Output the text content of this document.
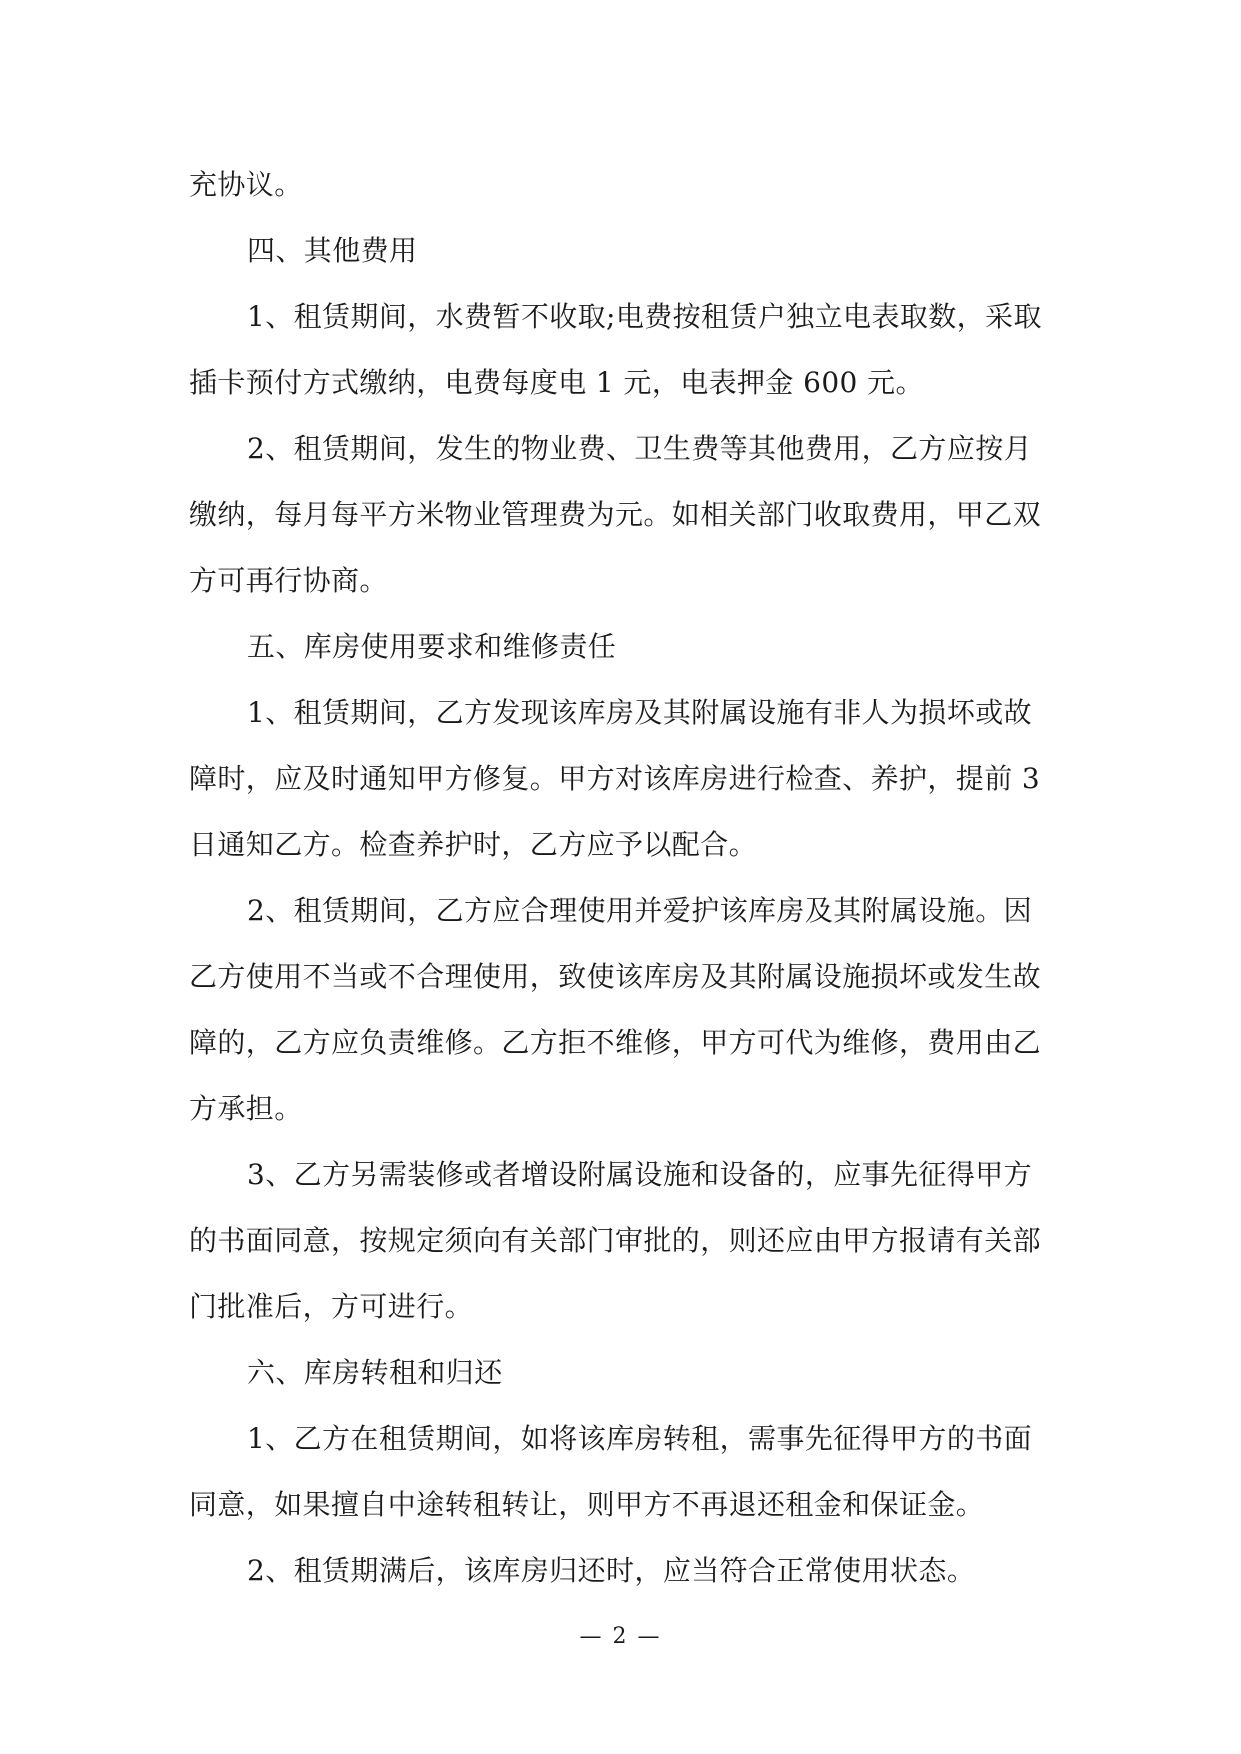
充协议。
四、其他费用
1、租赁期间，水费暂不收取;电费按租赁户独立电表取数，采取
插卡预付方式缴纳，电费每度电 1 元，电表押金 600 元。
2、租赁期间，发生的物业费、卫生费等其他费用，乙方应按月
缴纳，每月每平方米物业管理费为元。如相关部门收取费用，甲乙双
方可再行协商。
五、库房使用要求和维修责任
1、租赁期间，乙方发现该库房及其附属设施有非人为损坏或故
障时，应及时通知甲方修复。甲方对该库房进行检查、养护，提前 3
日通知乙方。检查养护时，乙方应予以配合。
2、租赁期间，乙方应合理使用并爱护该库房及其附属设施。因
乙方使用不当或不合理使用，致使该库房及其附属设施损坏或发生故
障的，乙方应负责维修。乙方拒不维修，甲方可代为维修，费用由乙
方承担。
3、乙方另需装修或者增设附属设施和设备的，应事先征得甲方
的书面同意，按规定须向有关部门审批的，则还应由甲方报请有关部
门批准后，方可进行。
六、库房转租和归还
1、乙方在租赁期间，如将该库房转租，需事先征得甲方的书面
同意，如果擅自中途转租转让，则甲方不再退还租金和保证金。
2、租赁期满后，该库房归还时，应当符合正常使用状态。
— 2 —
